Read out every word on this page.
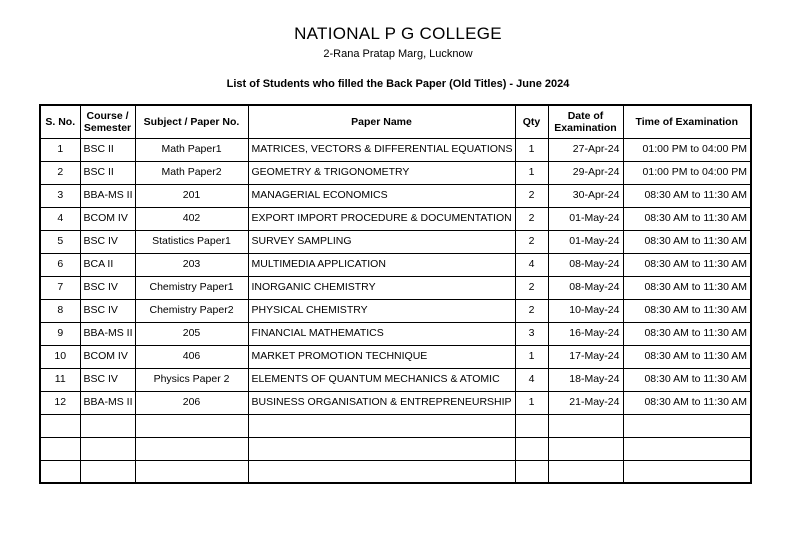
NATIONAL P G COLLEGE
2-Rana Pratap Marg, Lucknow
List of Students who filled the Back Paper (Old Titles) - June 2024
S. No.	Course / Semester	Subject / Paper No.	Paper Name	Qty	Date of Examination	Time of Examination
1	BSC II	Math Paper1	MATRICES, VECTORS & DIFFERENTIAL EQUATIONS	1	27-Apr-24	01:00 PM to 04:00 PM
2	BSC II	Math Paper2	GEOMETRY & TRIGONOMETRY	1	29-Apr-24	01:00 PM to 04:00 PM
3	BBA-MS II	201	MANAGERIAL ECONOMICS	2	30-Apr-24	08:30 AM to 11:30 AM
4	BCOM IV	402	EXPORT IMPORT PROCEDURE & DOCUMENTATION	2	01-May-24	08:30 AM to 11:30 AM
5	BSC IV	Statistics Paper1	SURVEY SAMPLING	2	01-May-24	08:30 AM to 11:30 AM
6	BCA II	203	MULTIMEDIA APPLICATION	4	08-May-24	08:30 AM to 11:30 AM
7	BSC IV	Chemistry Paper1	INORGANIC CHEMISTRY	2	08-May-24	08:30 AM to 11:30 AM
8	BSC IV	Chemistry Paper2	PHYSICAL CHEMISTRY	2	10-May-24	08:30 AM to 11:30 AM
9	BBA-MS II	205	FINANCIAL MATHEMATICS	3	16-May-24	08:30 AM to 11:30 AM
10	BCOM IV	406	MARKET PROMOTION TECHNIQUE	1	17-May-24	08:30 AM to 11:30 AM
11	BSC IV	Physics Paper 2	ELEMENTS OF QUANTUM MECHANICS & ATOMIC	4	18-May-24	08:30 AM to 11:30 AM
12	BBA-MS II	206	BUSINESS ORGANISATION & ENTREPRENEURSHIP	1	21-May-24	08:30 AM to 11:30 AM
